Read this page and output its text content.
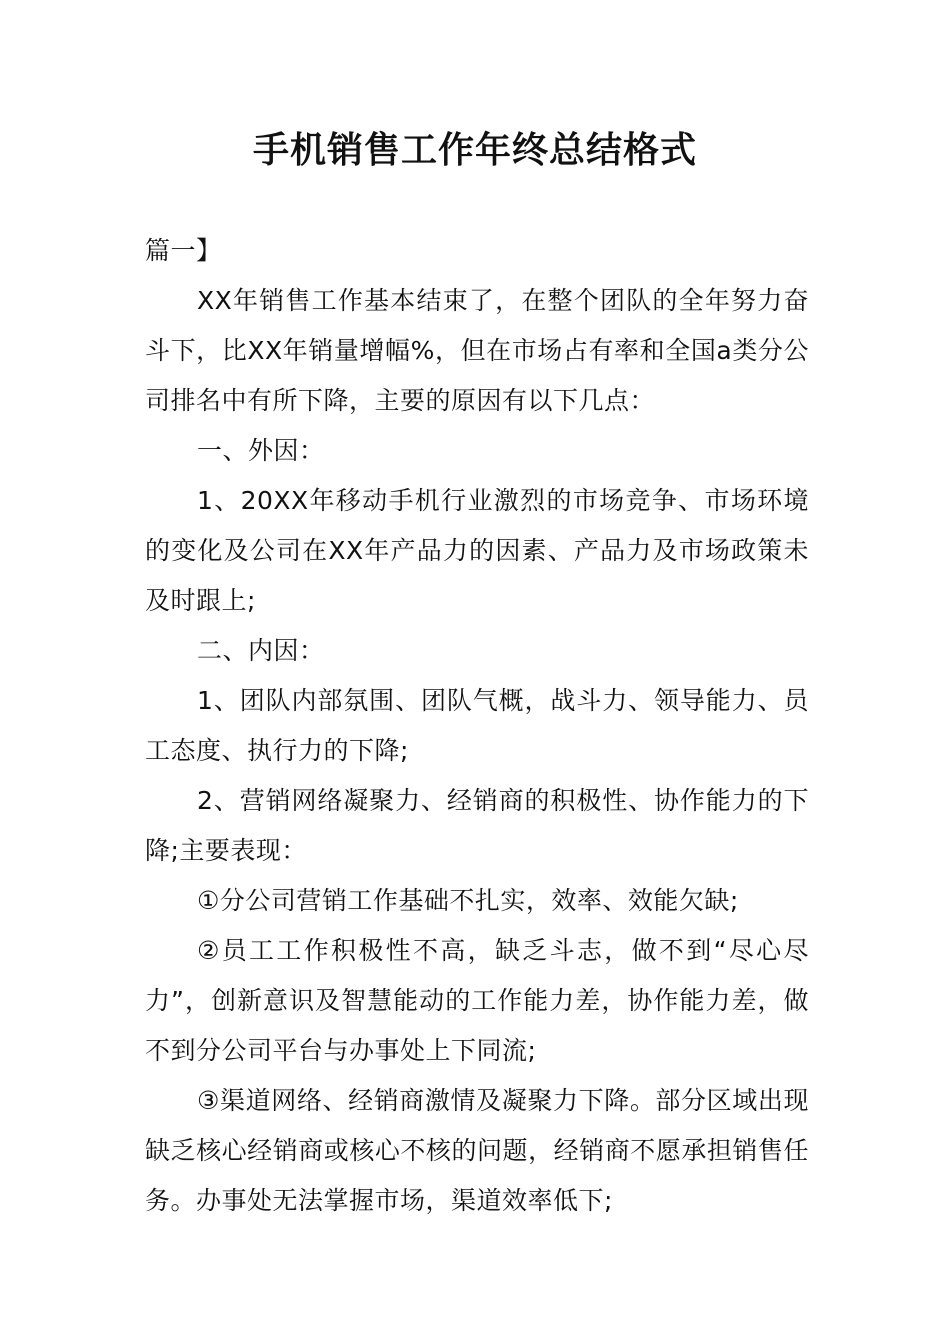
手机销售工作年终总结格式

篇一】

XX年销售工作基本结束了，在整个团队的全年努力奋斗下，比XX年销量增幅%，但在市场占有率和全国a类分公司排名中有所下降，主要的原因有以下几点：

一、外因：

1、20XX年移动手机行业激烈的市场竞争、市场环境的变化及公司在XX年产品力的因素、产品力及市场政策未及时跟上;

二、内因：

1、团队内部氛围、团队气概，战斗力、领导能力、员工态度、执行力的下降;

2、营销网络凝聚力、经销商的积极性、协作能力的下降;主要表现：

①分公司营销工作基础不扎实，效率、效能欠缺;

②员工工作积极性不高，缺乏斗志，做不到“尽心尽力”，创新意识及智慧能动的工作能力差，协作能力差，做不到分公司平台与办事处上下同流;

③渠道网络、经销商激情及凝聚力下降。部分区域出现缺乏核心经销商或核心不核的问题，经销商不愿承担销售任务。办事处无法掌握市场，渠道效率低下;
